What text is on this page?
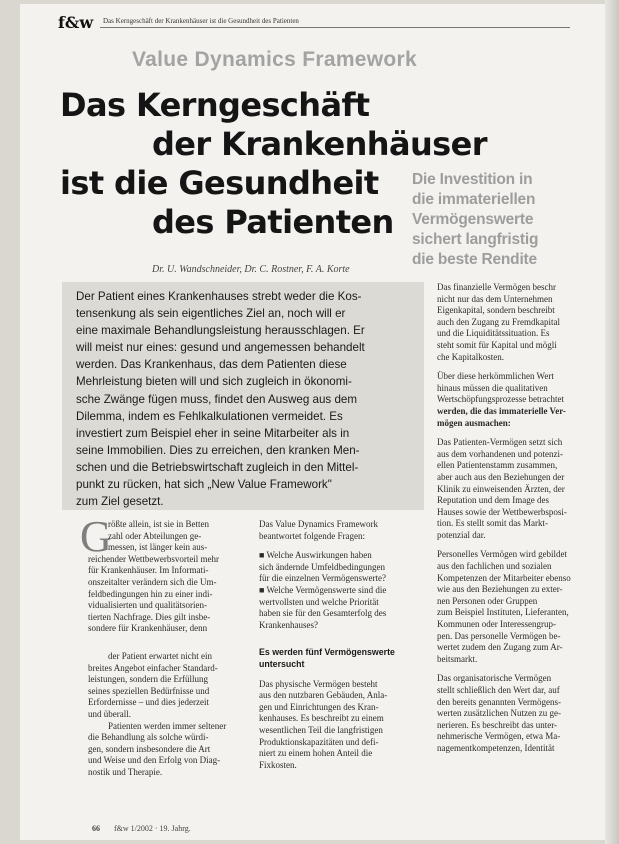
f&w Das Kerngeschäft der Krankenhäuser ist die Gesundheit des Patienten
Value Dynamics Framework
Das Kerngeschäft
der Krankenhäuser
ist die Gesundheit
des Patienten
Die Investition in
die immateriellen
Vermögenswerte
sichert langfristig
die beste Rendite
Dr. U. Wandschneider, Dr. C. Rostner, F. A. Korte
Der Patient eines Krankenhauses strebt weder die Kos-
tensenkung als sein eigentliches Ziel an, noch will er
eine maximale Behandlungsleistung herausschlagen. Er
will meist nur eines: gesund und angemessen behandelt
werden. Das Krankenhaus, das dem Patienten diese
Mehrleistung bieten will und sich zugleich in ökonomi-
sche Zwänge fügen muss, findet den Ausweg aus dem
Dilemma, indem es Fehlkalkulationen vermeidet. Es
investiert zum Beispiel eher in seine Mitarbeiter als in
seine Immobilien. Dies zu erreichen, den kranken Men-
schen und die Betriebswirtschaft zugleich in den Mittel-
punkt zu rücken, hat sich „New Value Framework"
zum Ziel gesetzt.
G
rößte allein, ist sie in Betten
zahl oder Abteilungen ge-
messen, ist länger kein aus-
reichender Wettbewerbsvorteil mehr
für Krankenhäuser. Im Informati-
onszeitalter verändern sich die Um-
feldbedingungen hin zu einer indi-
vidualisierten und qualitätsorien-
tierten Nachfrage. Dies gilt insbe-
sondere für Krankenhäuser, denn
der Patient erwartet nicht ein
breites Angebot einfacher Standard-
leistungen, sondern die Erfüllung
seines speziellen Bedürfnisse und
Erfordernisse – und dies jederzeit
und überall.
Patienten werden immer seltener
die Behandlung als solche würdi-
gen, sondern insbesondere die Art
und Weise und den Erfolg von Diag-
nostik und Therapie.
Das Value Dynamics Framework
beantwortet folgende Fragen:
■ Welche Auswirkungen haben
sich ändernde Umfeldbedingungen
für die einzelnen Vermögenswerte?
■ Welche Vermögenswerte sind die
wertvollsten und welche Priorität
haben sie für den Gesamterfolg des
Krankenhauses?
Es werden fünf Vermögenswerte
untersucht
Das physische Vermögen besteht
aus den nutzbaren Gebäuden, Anla-
gen und Einrichtungen des Kran-
kenhauses. Es beschreibt zu einem
wesentlichen Teil die langfristigen
Produktionskapazitäten und defi-
niert zu einem hohen Anteil die
Fixkosten.
Das finanzielle Vermögen beschr
nicht nur das dem Unternehmen
Eigenkapital, sondern beschreibt
auch den Zugang zu Fremdkapital
und die Liquiditätssituation. Es
steht somit für Kapital und mögli
che Kapitalkosten.
Über diese herkömmlichen Wert
hinaus müssen die qualitativen
Wertschöpfungsprozesse betrachtet
werden, die das immaterielle Ver-
mögen ausmachen:
Das Patienten-Vermögen setzt sich
aus dem vorhandenen und potenzi-
ellen Patientenstamm zusammen,
aber auch aus den Beziehungen der
Klinik zu einweisenden Ärzten, der
Reputation und dem Image des
Hauses sowie der Wettbewerbsposi-
tion. Es stellt somit das Markt-
potenzial dar.
Personelles Vermögen wird gebildet
aus den fachlichen und sozialen
Kompetenzen der Mitarbeiter ebenso
wie aus den Beziehungen zu exter-
nen Personen oder Gruppen
zum Beispiel Instituten, Lieferanten,
Kommunen oder Interessengrup-
pen. Das personelle Vermögen be-
wertet zudem den Zugang zum Ar-
beitsmarkt.
Das organisatorische Vermögen
stellt schließlich den Wert dar, auf
den bereits genannten Vermögens-
werten zusätzlichen Nutzen zu ge-
nerieren. Es beschreibt das unter-
nehmerische Vermögen, etwa Ma-
nagementkompetenzen, Identität
66 f&w 1/2002 · 19. Jahrg.
